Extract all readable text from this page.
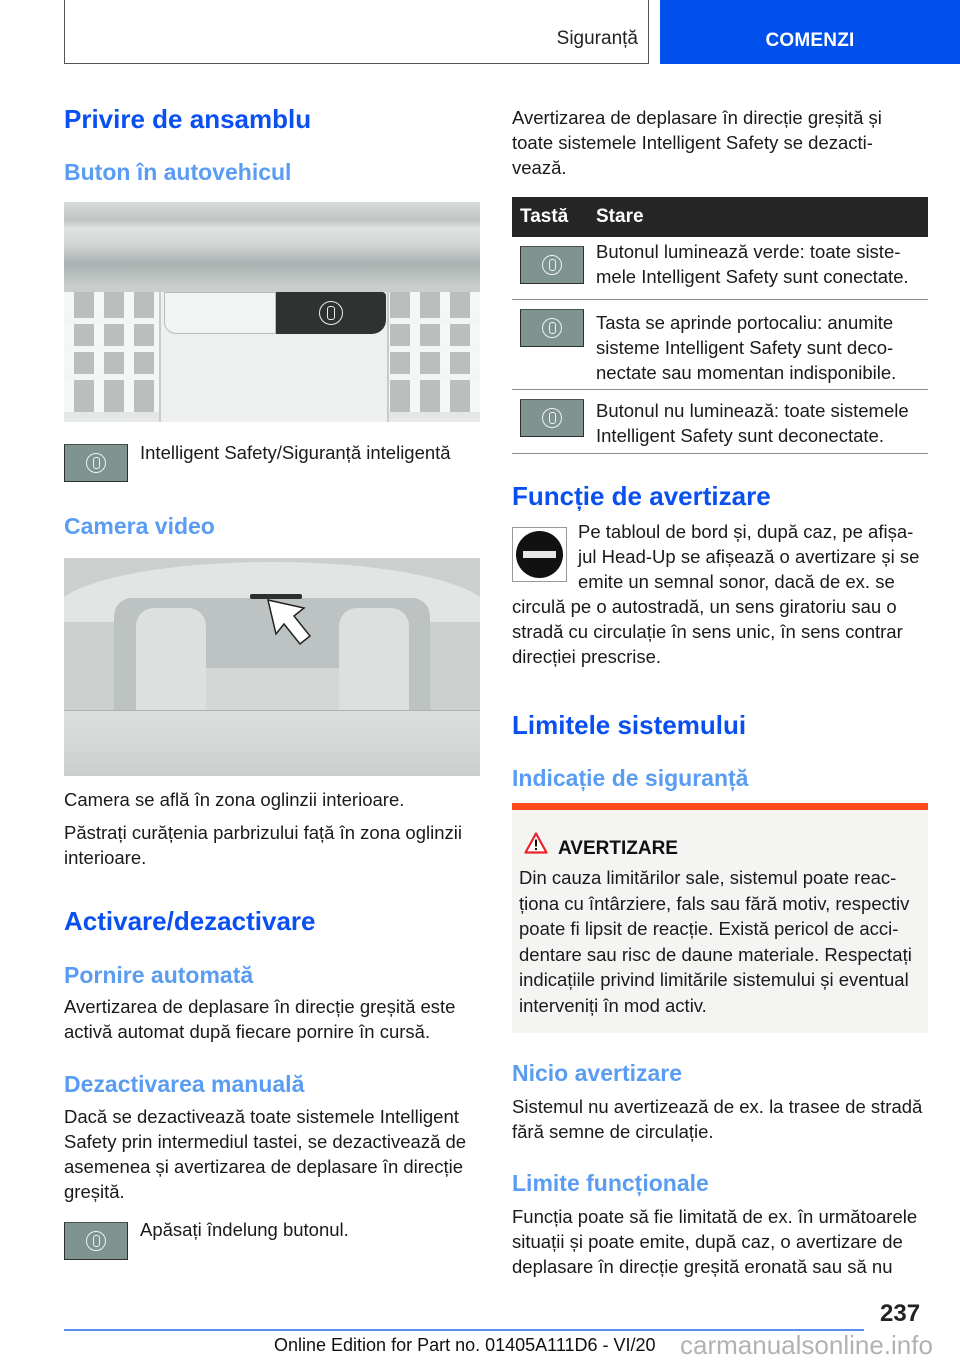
Siguranță	COMENZI
Privire de ansamblu
Buton în autovehicul
Intelligent Safety/Siguranță inteligentă
Camera video
Camera se află în zona oglinzii interioare.
Păstrați curățenia parbrizului față în zona oglinzii interioare.
Activare/dezactivare
Pornire automată
Avertizarea de deplasare în direcție greșită este activă automat după fiecare pornire în cursă.
Dezactivarea manuală
Dacă se dezactivează toate sistemele Intelligent Safety prin intermediul tastei, se dezactivează de asemenea și avertizarea de deplasare în direcție greșită.
Apăsați îndelung butonul.
Avertizarea de deplasare în direcție greșită și toate sistemele Intelligent Safety se dezacti-vează.
Tastă Stare
Butonul luminează verde: toate siste-mele Intelligent Safety sunt conectate.
Tasta se aprinde portocaliu: anumite sisteme Intelligent Safety sunt deco-nectate sau momentan indisponibile.
Butonul nu luminează: toate sistemele Intelligent Safety sunt deconectate.
Funcție de avertizare
Pe tabloul de bord și, după caz, pe afișa-jul Head-Up se afișează o avertizare și se emite un semnal sonor, dacă de ex. se circulă pe o autostradă, un sens giratoriu sau o stradă cu circulație în sens unic, în sens contrar direcției prescrise.
Limitele sistemului
Indicație de siguranță
AVERTIZARE
Din cauza limitărilor sale, sistemul poate reac-ționa cu întârziere, fals sau fără motiv, respectiv poate fi lipsit de reacție. Există pericol de acci-dentare sau risc de daune materiale. Respectați indicațiile privind limitările sistemului și eventual interveniți în mod activ.
Nicio avertizare
Sistemul nu avertizează de ex. la trasee de stradă fără semne de circulație.
Limite funcționale
Funcția poate să fie limitată de ex. în următoarele situații și poate emite, după caz, o avertizare de deplasare în direcție greșită eronată sau să nu
237
Online Edition for Part no. 01405A111D6 - VI/20 carmanualsonline.info
